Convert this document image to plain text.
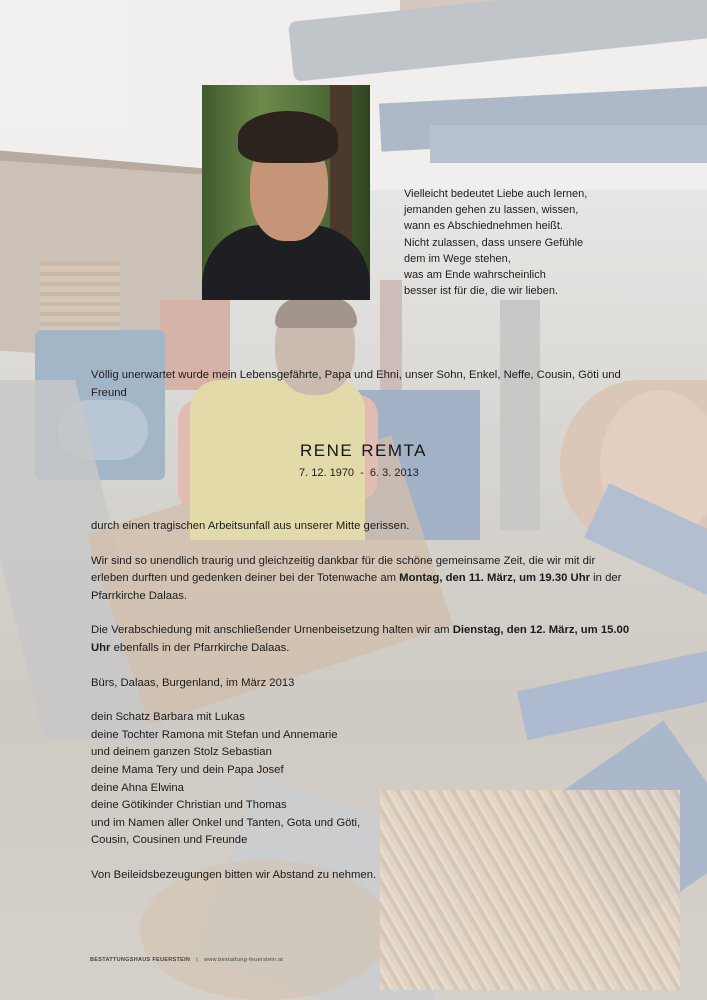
Vielleicht bedeutet Liebe auch lernen,
jemanden gehen zu lassen, wissen,
wann es Abschiednehmen heißt.
Nicht zulassen, dass unsere Gefühle
dem im Wege stehen,
was am Ende wahrscheinlich
besser ist für die, die wir lieben.
Völlig unerwartet wurde mein Lebensgefährte, Papa und Ehni, unser Sohn, Enkel, Neffe, Cousin, Göti und Freund
RENE REMTA
7. 12. 1970  -  6. 3. 2013

durch einen tragischen Arbeitsunfall aus unserer Mitte gerissen.

Wir sind so unendlich traurig und gleichzeitig dankbar für die schöne gemeinsame Zeit, die wir mit dir erleben durften und gedenken deiner bei der Totenwache am Montag, den 11. März, um 19.30 Uhr in der Pfarrkirche Dalaas.

Die Verabschiedung mit anschließender Urnenbeisetzung halten wir am Dienstag, den 12. März, um 15.00 Uhr ebenfalls in der Pfarrkirche Dalaas.

Bürs, Dalaas, Burgenland, im März 2013

dein Schatz Barbara mit Lukas
deine Tochter Ramona mit Stefan und Annemarie
und deinem ganzen Stolz Sebastian
deine Mama Tery und dein Papa Josef
deine Ahna Elwina
deine Götikinder Christian und Thomas
und im Namen aller Onkel und Tanten, Gota und Göti,
Cousin, Cousinen und Freunde

Von Beileidsbezeugungen bitten wir Abstand zu nehmen.

BESTATTUNGSHAUS FEUERSTEIN | www.bestattung-feuerstein.at
